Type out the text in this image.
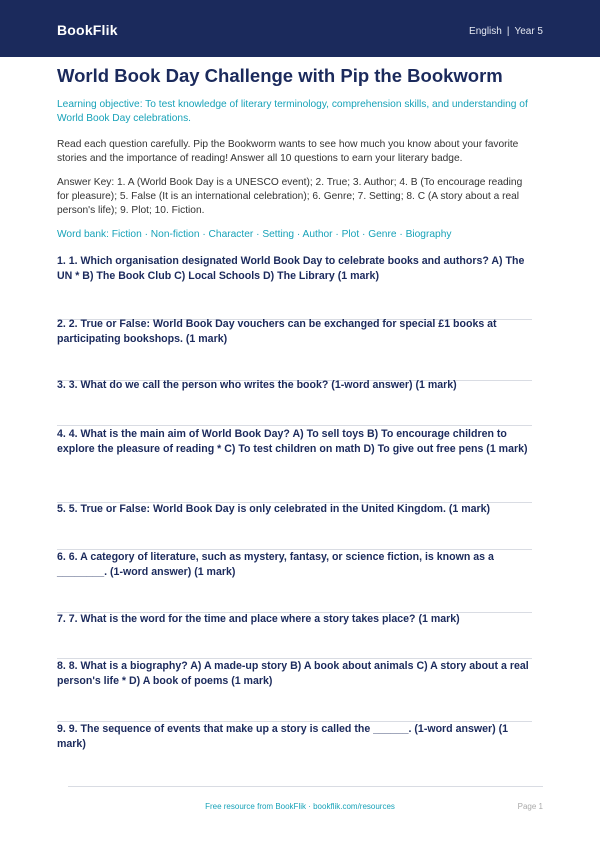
BookFlik	English | Year 5
World Book Day Challenge with Pip the Bookworm
Learning objective: To test knowledge of literary terminology, comprehension skills, and understanding of World Book Day celebrations.
Read each question carefully. Pip the Bookworm wants to see how much you know about your favorite stories and the importance of reading! Answer all 10 questions to earn your literary badge.
Answer Key: 1. A (World Book Day is a UNESCO event); 2. True; 3. Author; 4. B (To encourage reading for pleasure); 5. False (It is an international celebration); 6. Genre; 7. Setting; 8. C (A story about a real person's life); 9. Plot; 10. Fiction.
Word bank: Fiction · Non-fiction · Character · Setting · Author · Plot · Genre · Biography
1. 1. Which organisation designated World Book Day to celebrate books and authors? A) The UN * B) The Book Club C) Local Schools D) The Library (1 mark)
2. 2. True or False: World Book Day vouchers can be exchanged for special £1 books at participating bookshops. (1 mark)
3. 3. What do we call the person who writes the book? (1-word answer) (1 mark)
4. 4. What is the main aim of World Book Day? A) To sell toys B) To encourage children to explore the pleasure of reading * C) To test children on math D) To give out free pens (1 mark)
5. 5. True or False: World Book Day is only celebrated in the United Kingdom. (1 mark)
6. 6. A category of literature, such as mystery, fantasy, or science fiction, is known as a ________. (1-word answer) (1 mark)
7. 7. What is the word for the time and place where a story takes place? (1 mark)
8. 8. What is a biography? A) A made-up story B) A book about animals C) A story about a real person's life * D) A book of poems (1 mark)
9. 9. The sequence of events that make up a story is called the ______. (1-word answer) (1 mark)
Free resource from BookFlik · bookflik.com/resources	Page 1
